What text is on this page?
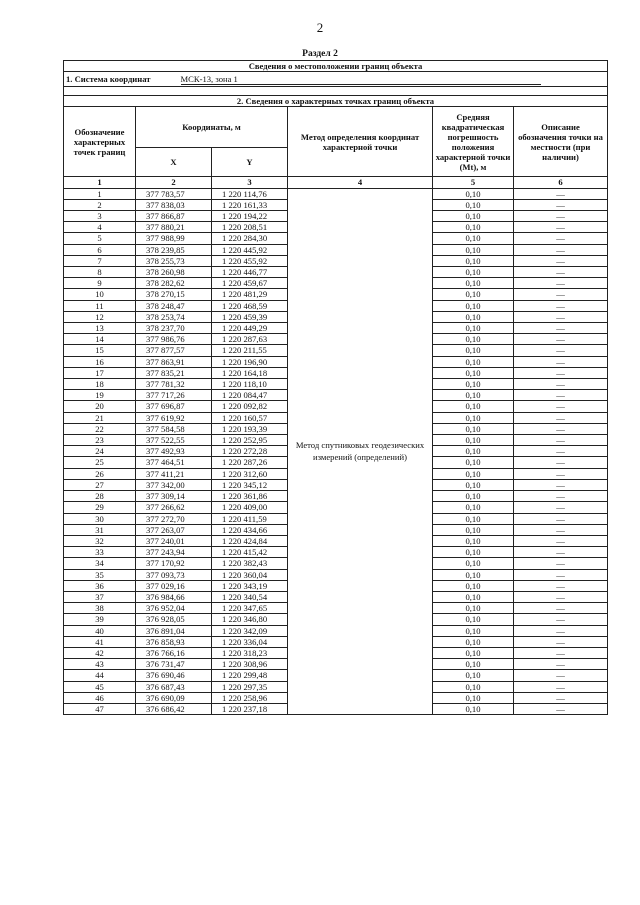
2
Раздел 2
Сведения о местоположении границ объекта					
1. Система координат МСК-13, зона 1					

2. Сведения о характерных точках границ объекта					
Обозначение характерных точек границ	Координаты, м		Метод определения координат характерной точки	Средняя квадратическая погрешность положения характерной точки (Mt), м	Описание обозначения точки на местности (при наличии)
	X	Y			
1	2	3	4	5	6
1	377 783,57	1 220 114,76	Метод спутниковых геодезических измерений (определений)	0,10	—
2	377 838,03	1 220 161,33		0,10	—
3	377 866,87	1 220 194,22		0,10	—
4	377 880,21	1 220 208,51		0,10	—
5	377 988,99	1 220 284,30		0,10	—
6	378 239,85	1 220 445,92		0,10	—
7	378 255,73	1 220 455,92		0,10	—
8	378 260,98	1 220 446,77		0,10	—
9	378 282,62	1 220 459,67		0,10	—
10	378 270,15	1 220 481,29		0,10	—
11	378 248,47	1 220 468,59		0,10	—
12	378 253,74	1 220 459,39		0,10	—
13	378 237,70	1 220 449,29		0,10	—
14	377 986,76	1 220 287,63		0,10	—
15	377 877,57	1 220 211,55		0,10	—
16	377 863,91	1 220 196,90		0,10	—
17	377 835,21	1 220 164,18		0,10	—
18	377 781,32	1 220 118,10		0,10	—
19	377 717,26	1 220 084,47		0,10	—
20	377 696,87	1 220 092,82		0,10	—
21	377 619,92	1 220 160,57		0,10	—
22	377 584,58	1 220 193,39		0,10	—
23	377 522,55	1 220 252,95		0,10	—
24	377 492,93	1 220 272,28		0,10	—
25	377 464,51	1 220 287,26		0,10	—
26	377 411,21	1 220 312,60		0,10	—
27	377 342,00	1 220 345,12		0,10	—
28	377 309,14	1 220 361,86		0,10	—
29	377 266,62	1 220 409,00		0,10	—
30	377 272,70	1 220 411,59		0,10	—
31	377 263,07	1 220 434,66		0,10	—
32	377 240,01	1 220 424,84		0,10	—
33	377 243,94	1 220 415,42		0,10	—
34	377 170,92	1 220 382,43		0,10	—
35	377 093,73	1 220 360,04		0,10	—
36	377 029,16	1 220 343,19		0,10	—
37	376 984,66	1 220 340,54		0,10	—
38	376 952,04	1 220 347,65		0,10	—
39	376 928,05	1 220 346,80		0,10	—
40	376 891,04	1 220 342,09		0,10	—
41	376 858,93	1 220 336,04		0,10	—
42	376 766,16	1 220 318,23		0,10	—
43	376 731,47	1 220 308,96		0,10	—
44	376 690,46	1 220 299,48		0,10	—
45	376 687,43	1 220 297,35		0,10	—
46	376 690,09	1 220 258,96		0,10	—
47	376 686,42	1 220 237,18		0,10	—
